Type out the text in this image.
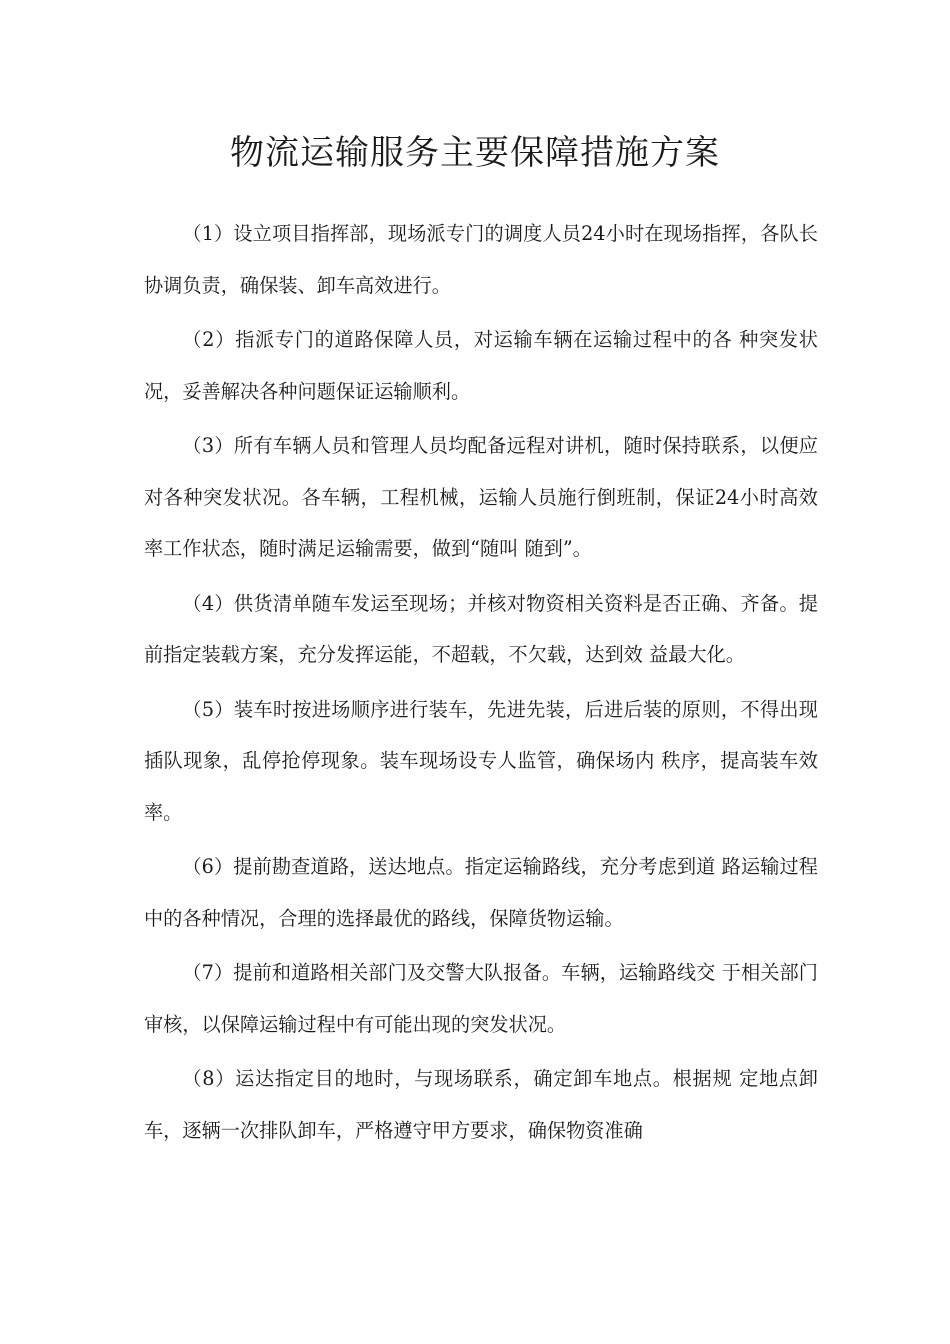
物流运输服务主要保障措施方案

（1）设立项目指挥部，现场派专门的调度人员24小时在现场指挥，各队长协调负责，确保装、卸车高效进行。

（2）指派专门的道路保障人员，对运输车辆在运输过程中的各 种突发状况，妥善解决各种问题保证运输顺利。

（3）所有车辆人员和管理人员均配备远程对讲机，随时保持联系，以便应对各种突发状况。各车辆，工程机械，运输人员施行倒班制，保证24小时高效率工作状态，随时满足运输需要，做到“随叫 随到”。

（4）供货清单随车发运至现场；并核对物资相关资料是否正确、齐备。提前指定装载方案，充分发挥运能，不超载，不欠载，达到效 益最大化。

（5）装车时按进场顺序进行装车，先进先装，后进后装的原则，不得出现插队现象，乱停抢停现象。装车现场设专人监管，确保场内 秩序，提高装车效率。

（6）提前勘查道路，送达地点。指定运输路线，充分考虑到道 路运输过程中的各种情况，合理的选择最优的路线，保障货物运输。

（7）提前和道路相关部门及交警大队报备。车辆，运输路线交 于相关部门审核，以保障运输过程中有可能出现的突发状况。

（8）运达指定目的地时，与现场联系，确定卸车地点。根据规 定地点卸车，逐辆一次排队卸车，严格遵守甲方要求，确保物资准确
